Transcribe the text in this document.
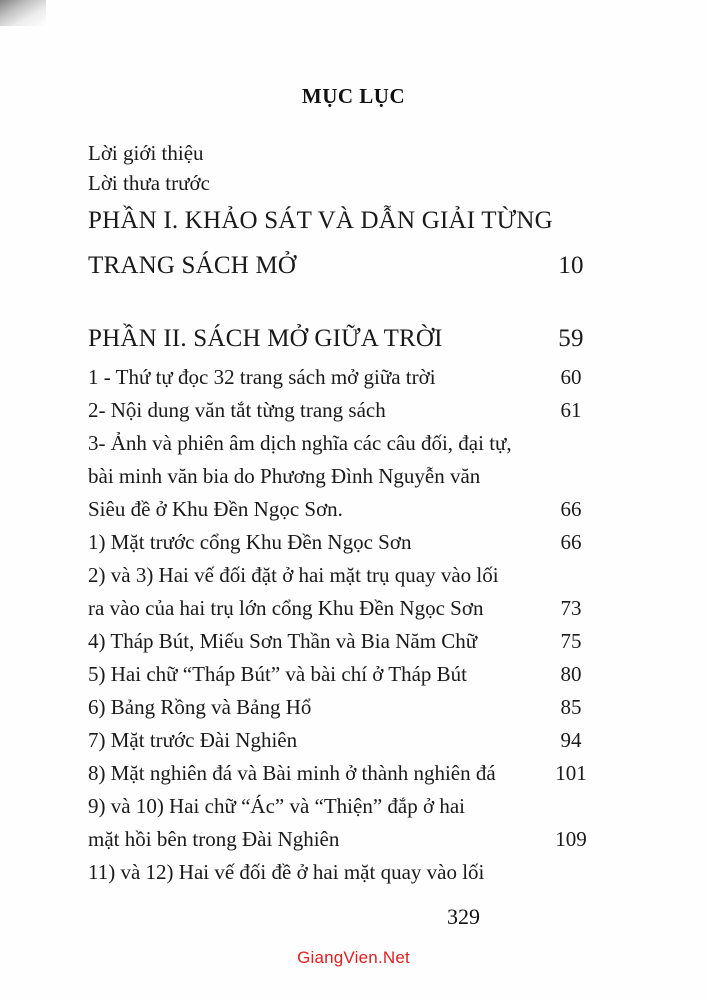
MỤC LỤC
Lời giới thiệu
Lời thưa trước
PHẦN I. KHẢO SÁT VÀ DẪN GIẢI TỪNG
TRANG SÁCH MỞ	10
PHẦN II. SÁCH MỞ GIỮA TRỜI	59
1 - Thứ tự đọc 32 trang sách mở giữa trời	60
2- Nội dung văn tắt từng trang sách	61
3- Ảnh và phiên âm dịch nghĩa các câu đối, đại tự,
bài minh văn bia do Phương Đình Nguyễn văn
Siêu đề ở Khu Đền Ngọc Sơn.	66
1) Mặt trước cổng Khu Đền Ngọc Sơn	66
2) và 3) Hai vế đối đặt ở hai mặt trụ quay vào lối
ra vào của hai trụ lớn cổng Khu Đền Ngọc Sơn	73
4) Tháp Bút, Miếu Sơn Thần và Bia Năm Chữ	75
5) Hai chữ “Tháp Bút” và bài chí ở Tháp Bút	80
6) Bảng Rồng và Bảng Hổ	85
7) Mặt trước Đài Nghiên	94
8) Mặt nghiên đá và Bài minh ở thành nghiên đá	101
9) và 10) Hai chữ “Ác” và “Thiện” đắp ở hai
mặt hồi bên trong Đài Nghiên	109
11) và 12) Hai vế đối đề ở hai mặt quay vào lối
329
GiangVien.Net
